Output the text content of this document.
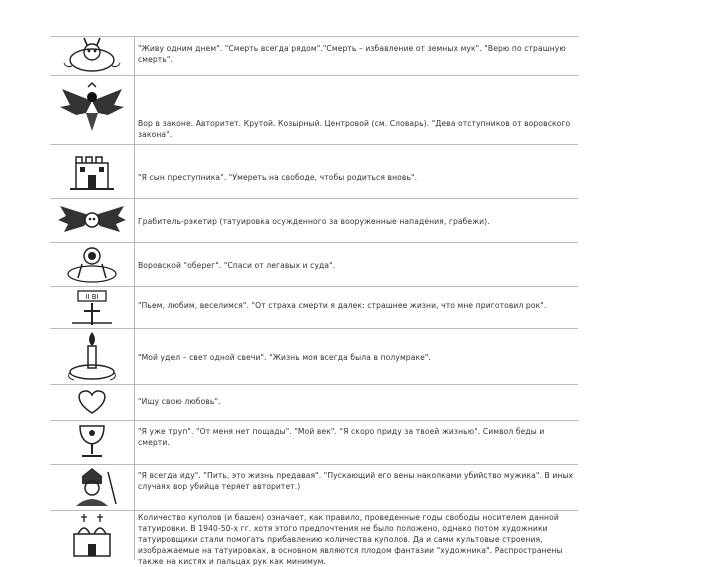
"Живу одним днем". "Смерть всегда рядом"."Смерть – избавление от земных мук". "Верю по страшную смерть".
Вор в законе. Авторитет. Крутой. Козырный. Центровой (см. Словарь). "Дева отступников от воровского закона".
"Я сын преступника". "Умереть на свободе, чтобы родиться вновь".
Грабитель-рэкетир (татуировка осужденного за вооруженные нападения, грабежи).
Воровской "оберег". "Спаси от легавых и суда".
II BI
"Пьем, любим, веселимся". "От страха смерти я далек: страшнее жизни, что мне приготовил рок".
"Мой удел – свет одной свечи". "Жизнь моя всегда была в полумраке".
"Ищу свою любовь".
"Я уже труп". "От меня нет пощады". "Мой век". "Я скоро приду за твоей жизнью". Символ беды и смерти.
"Я всегда иду". "Пить, это жизнь предавая". "Пускающий его вены наколками убийство мужика". В иных случаях вор убийца теряет авторитет.)
Количество куполов (и башен) означает, как правило, проведенные годы свободы носителем данной татуировки. В 1940-50-х гг. хотя этого предпочтения не было положено, однако потом художники татуировщики стали помогать прибавлению количества куполов. Да и сами культовые строения, изображаемые на татуировках, в основном являются плодом фантазии "художника". Распространены также на кистях и пальцах рук как минимум.
